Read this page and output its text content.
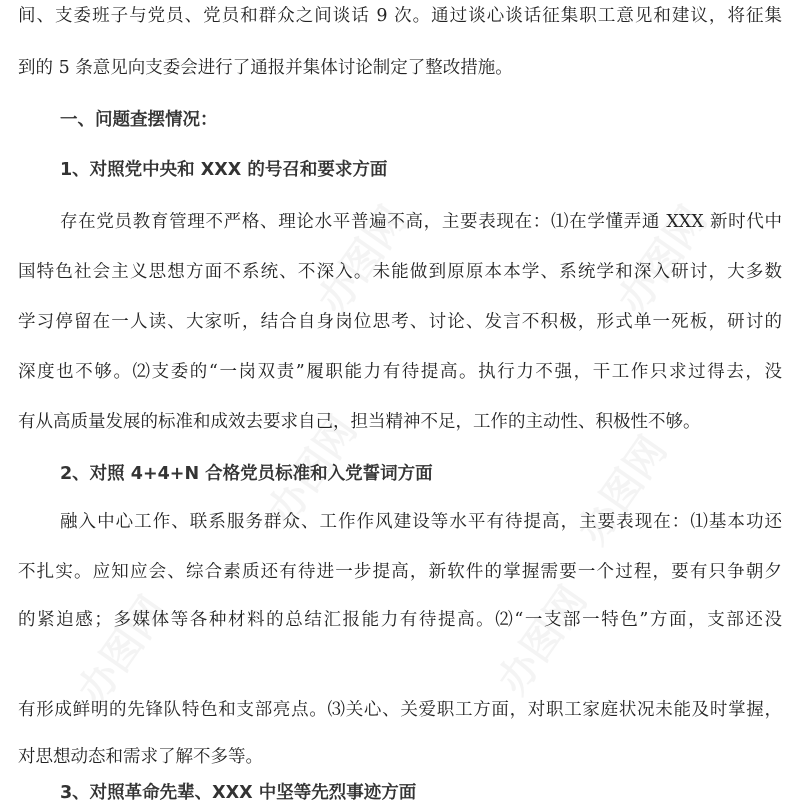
间、支委班子与党员、党员和群众之间谈话 9 次。通过谈心谈话征集职工意见和建议，将征集
到的 5 条意见向支委会进行了通报并集体讨论制定了整改措施。
一、问题查摆情况：
1、对照党中央和 XXX 的号召和要求方面
存在党员教育管理不严格、理论水平普遍不高，主要表现在：⑴在学懂弄通 XXX 新时代中
国特色社会主义思想方面不系统、不深入。未能做到原原本本学、系统学和深入研讨，大多数
学习停留在一人读、大家听，结合自身岗位思考、讨论、发言不积极，形式单一死板，研讨的
深度也不够。⑵支委的“一岗双责”履职能力有待提高。执行力不强，干工作只求过得去，没
有从高质量发展的标准和成效去要求自己，担当精神不足，工作的主动性、积极性不够。
2、对照 4+4+N 合格党员标准和入党誓词方面
融入中心工作、联系服务群众、工作作风建设等水平有待提高，主要表现在：⑴基本功还
不扎实。应知应会、综合素质还有待进一步提高，新软件的掌握需要一个过程，要有只争朝夕
的紧迫感；多媒体等各种材料的总结汇报能力有待提高。⑵“一支部一特色”方面，支部还没
有形成鲜明的先锋队特色和支部亮点。⑶关心、关爱职工方面，对职工家庭状况未能及时掌握，
对思想动态和需求了解不多等。
3、对照革命先辈、XXX 中坚等先烈事迹方面
